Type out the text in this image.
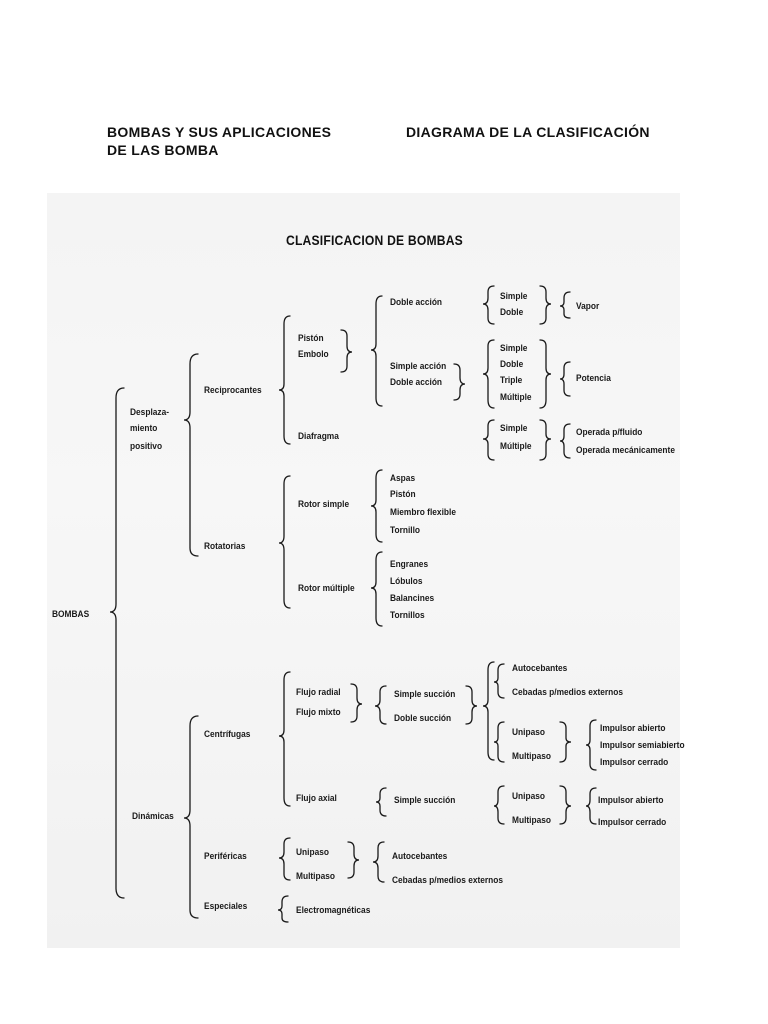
BOMBAS Y SUS APLICACIONES	DIAGRAMA DE LA CLASIFICACIÓN
DE LAS BOMBA
CLASIFICACION DE BOMBAS
BOMBAS
Desplaza-
miento
positivo
Dinámicas
Reciprocantes
Rotatorias
Centrífugas
Periféricas
Especiales
Pistón
Embolo
Diafragma
Doble acción
Simple acción
Doble acción
Simple
Doble
Vapor
Simple
Doble
Triple
Múltiple
Potencia
Simple
Múltiple
Operada p/fluido
Operada mecánicamente
Rotor simple
Rotor múltiple
Aspas
Pistón
Miembro flexible
Tornillo
Engranes
Lóbulos
Balancines
Tornillos
Flujo radial
Flujo mixto
Flujo axial
Simple succión
Doble succión
Simple succión
Autocebantes
Cebadas p/medios externos
Unipaso
Multipaso
Impulsor abierto
Impulsor semiabierto
Impulsor cerrado
Unipaso
Multipaso
Impulsor abierto
Impulsor cerrado
Unipaso
Multipaso
Autocebantes
Cebadas p/medios externos
Electromagnéticas
